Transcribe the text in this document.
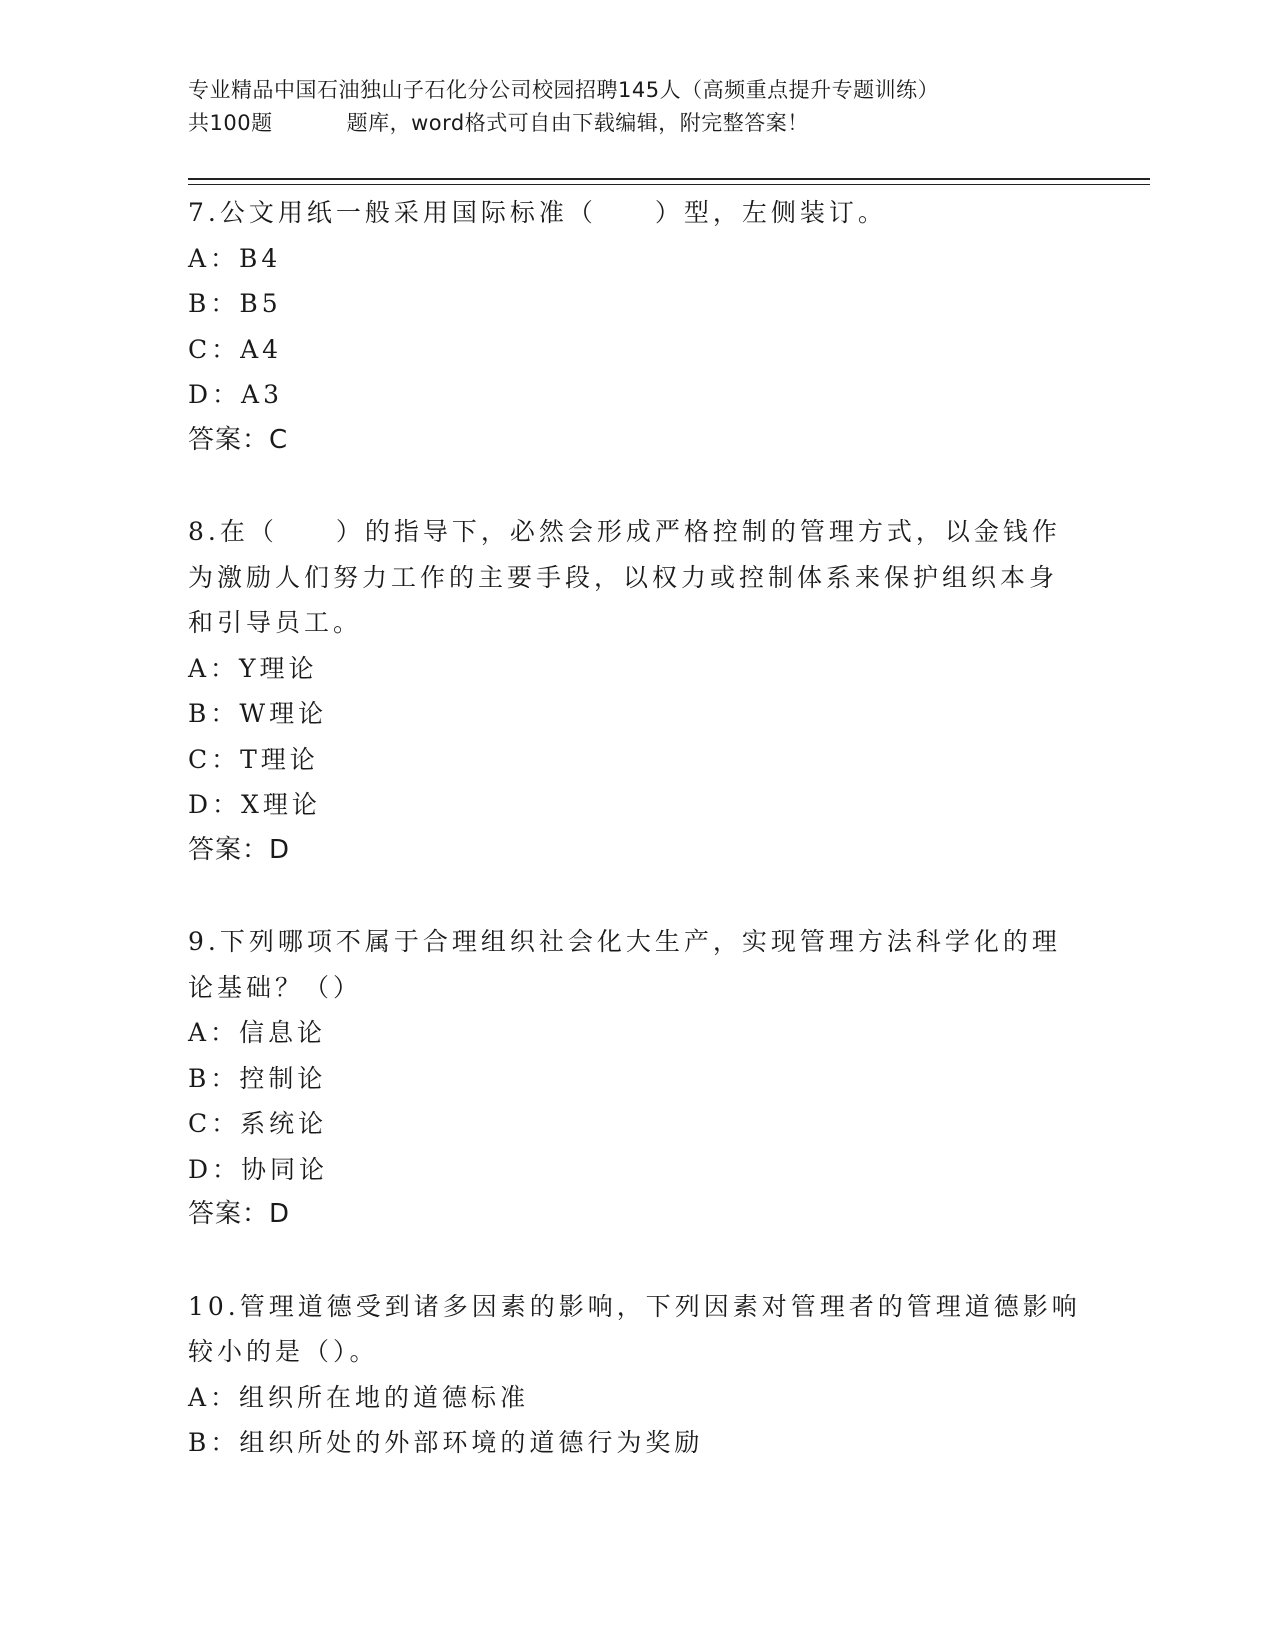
专业精品中国石油独山子石化分公司校园招聘145人（高频重点提升专题训练）
共100题	题库，word格式可自由下载编辑，附完整答案！
7.公文用纸一般采用国际标准（　　）型，左侧装订。
A：B4
B：B5
C：A4
D：A3
答案：C
8.在（　　）的指导下，必然会形成严格控制的管理方式，以金钱作
为激励人们努力工作的主要手段，以权力或控制体系来保护组织本身
和引导员工。
A：Y理论
B：W理论
C：T理论
D：X理论
答案：D
9.下列哪项不属于合理组织社会化大生产，实现管理方法科学化的理
论基础？（）
A：信息论
B：控制论
C：系统论
D：协同论
答案：D
10.管理道德受到诸多因素的影响，下列因素对管理者的管理道德影响
较小的是（）。
A：组织所在地的道德标准
B：组织所处的外部环境的道德行为奖励
